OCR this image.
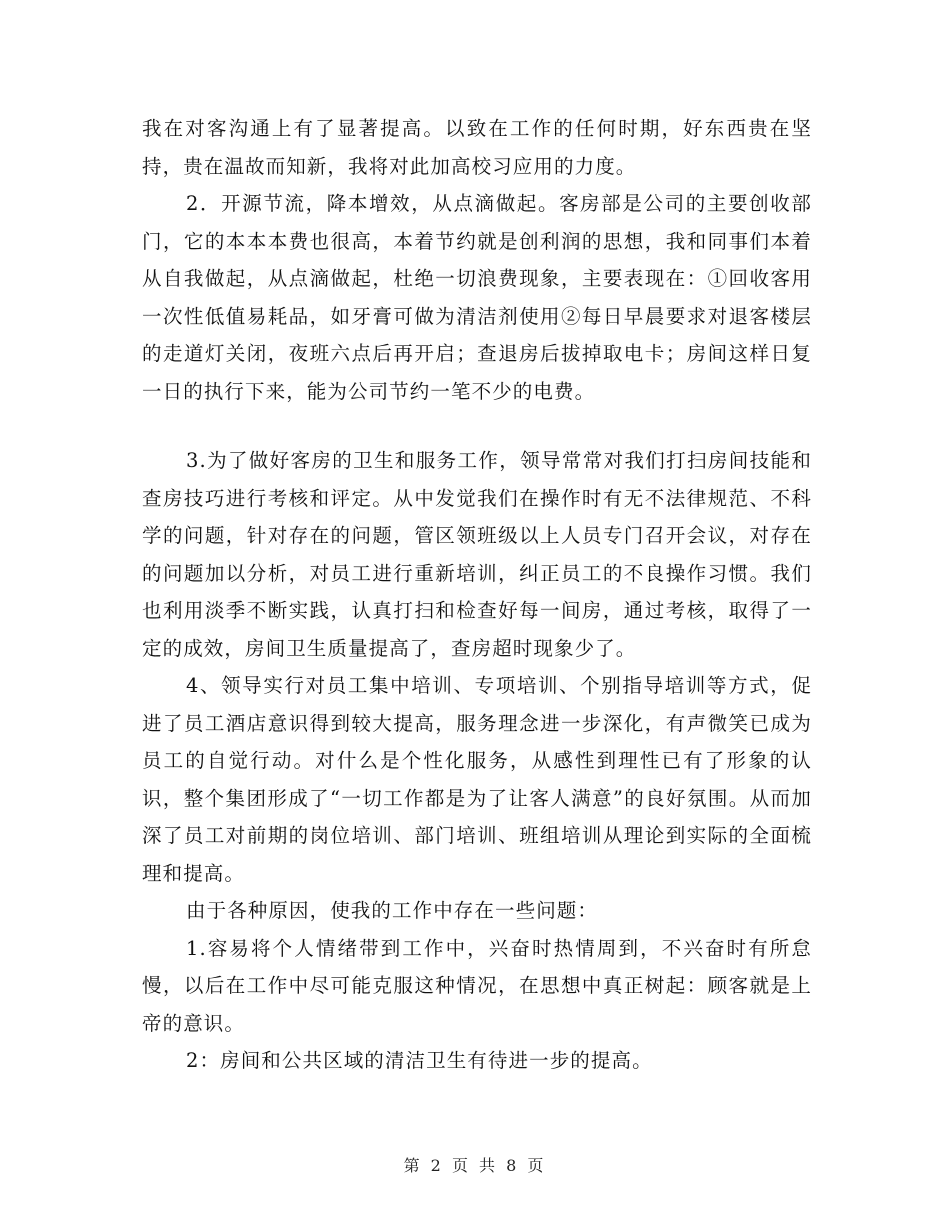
我在对客沟通上有了显著提高。以致在工作的任何时期，好东西贵在坚持，贵在温故而知新，我将对此加高校习应用的力度。

2．开源节流，降本增效，从点滴做起。客房部是公司的主要创收部门，它的本本本费也很高，本着节约就是创利润的思想，我和同事们本着从自我做起，从点滴做起，杜绝一切浪费现象，主要表现在：①回收客用一次性低值易耗品，如牙膏可做为清洁剂使用②每日早晨要求对退客楼层的走道灯关闭，夜班六点后再开启；查退房后拔掉取电卡；房间这样日复一日的执行下来，能为公司节约一笔不少的电费。

3.为了做好客房的卫生和服务工作，领导常常对我们打扫房间技能和查房技巧进行考核和评定。从中发觉我们在操作时有无不法律规范、不科学的问题，针对存在的问题，管区领班级以上人员专门召开会议，对存在的问题加以分析，对员工进行重新培训，纠正员工的不良操作习惯。我们也利用淡季不断实践，认真打扫和检查好每一间房，通过考核，取得了一定的成效，房间卫生质量提高了，查房超时现象少了。

4、领导实行对员工集中培训、专项培训、个别指导培训等方式，促进了员工酒店意识得到较大提高，服务理念进一步深化，有声微笑已成为员工的自觉行动。对什么是个性化服务，从感性到理性已有了形象的认识，整个集团形成了“一切工作都是为了让客人满意”的良好氛围。从而加深了员工对前期的岗位培训、部门培训、班组培训从理论到实际的全面梳理和提高。

由于各种原因，使我的工作中存在一些问题：

1.容易将个人情绪带到工作中，兴奋时热情周到，不兴奋时有所怠慢，以后在工作中尽可能克服这种情况，在思想中真正树起：顾客就是上帝的意识。

2：房间和公共区域的清洁卫生有待进一步的提高。

第 2 页 共 8 页
